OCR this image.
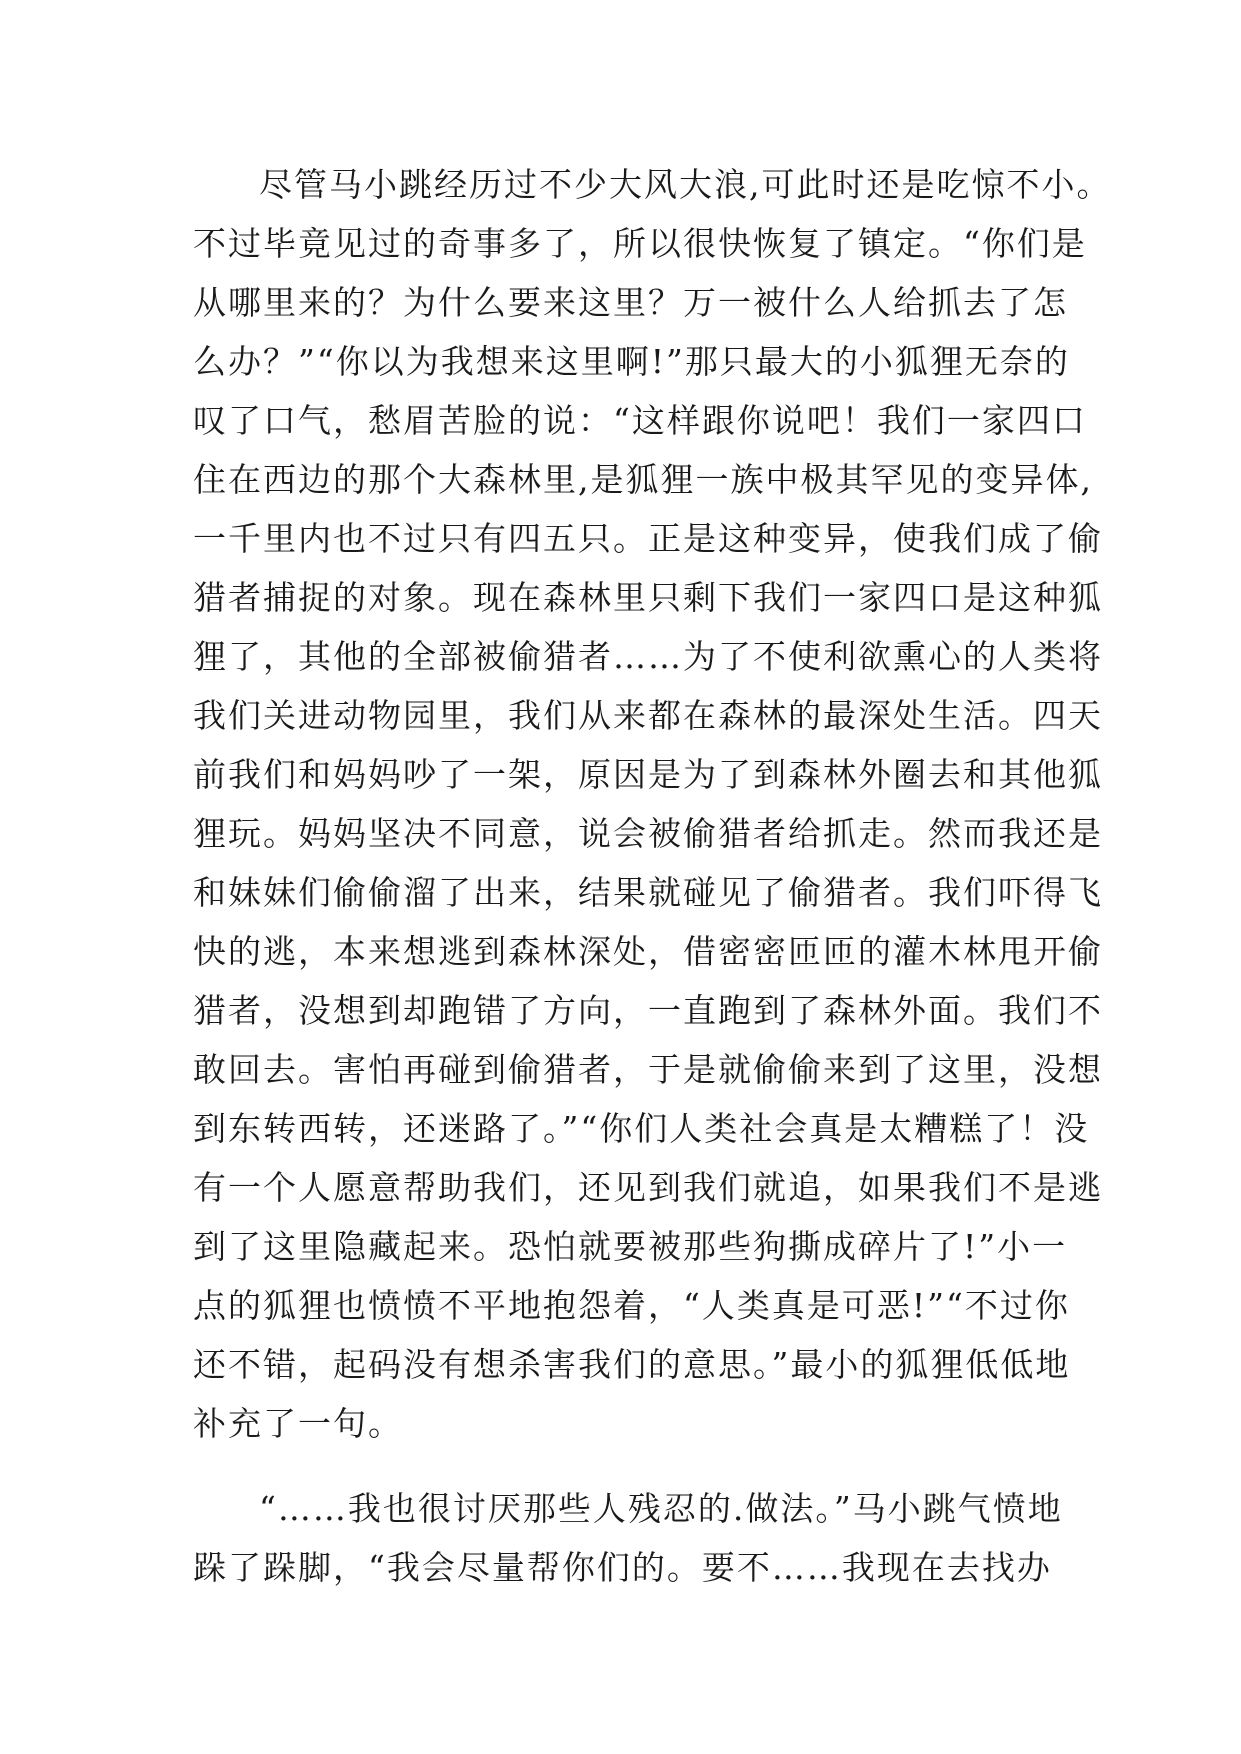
尽管马小跳经历过不少大风大浪,可此时还是吃惊不小。
不过毕竟见过的奇事多了，所以很快恢复了镇定。“你们是
从哪里来的？为什么要来这里？万一被什么人给抓去了怎
么办？”“你以为我想来这里啊!”那只最大的小狐狸无奈的
叹了口气，愁眉苦脸的说：“这样跟你说吧！我们一家四口
住在西边的那个大森林里,是狐狸一族中极其罕见的变异体,
一千里内也不过只有四五只。正是这种变异，使我们成了偷
猎者捕捉的对象。现在森林里只剩下我们一家四口是这种狐
狸了，其他的全部被偷猎者……为了不使利欲熏心的人类将
我们关进动物园里，我们从来都在森林的最深处生活。四天
前我们和妈妈吵了一架，原因是为了到森林外圈去和其他狐
狸玩。妈妈坚决不同意，说会被偷猎者给抓走。然而我还是
和妹妹们偷偷溜了出来，结果就碰见了偷猎者。我们吓得飞
快的逃，本来想逃到森林深处，借密密匝匝的灌木林甩开偷
猎者，没想到却跑错了方向，一直跑到了森林外面。我们不
敢回去。害怕再碰到偷猎者，于是就偷偷来到了这里，没想
到东转西转，还迷路了。”“你们人类社会真是太糟糕了！没
有一个人愿意帮助我们，还见到我们就追，如果我们不是逃
到了这里隐藏起来。恐怕就要被那些狗撕成碎片了!”小一
点的狐狸也愤愤不平地抱怨着，“人类真是可恶!”“不过你
还不错，起码没有想杀害我们的意思。”最小的狐狸低低地
补充了一句。
“……我也很讨厌那些人残忍的.做法。”马小跳气愤地
跺了跺脚，“我会尽量帮你们的。要不……我现在去找办
